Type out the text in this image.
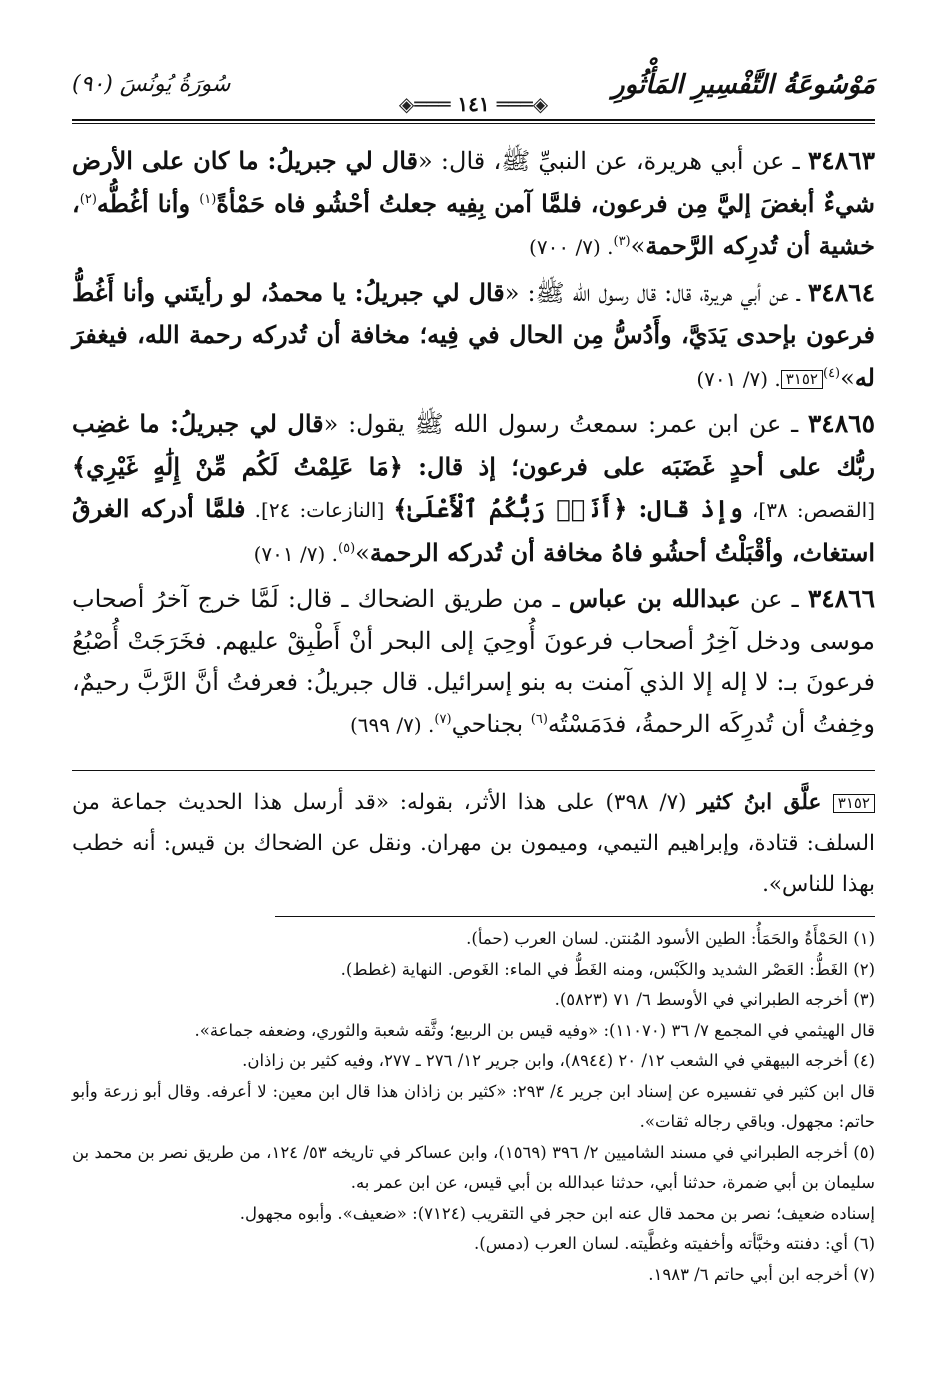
مَوْسُوعَةُ التَّفْسِيرِ المَأْثُورِ
◈═══ ١٤١ ═══◈
سُورَةُ يُونُسَ (٩٠)

٣٤٨٦٣ ـ عن أبي هريرة، عن النبيِّ ﷺ، قال: «قال لي جبريلُ: ما كان على الأرض شيءٌ أبغضَ إليَّ مِن فرعون، فلمَّا آمن بِفِيه جعلتُ أحْشُو فاه حَمْأةً$^{(١)}$ وأنا أغُطُّه$^{(٢)}$، خشية أن تُدرِكه الرَّحمة»$^{(٣)}$. (٧/ ٧٠٠)

٣٤٨٦٤ ـ عن أبي هريرة، قال: قال رسول الله ﷺ: «قال لي جبريلُ: يا محمدُ، لو رأيتَني وأنا أَغُطُّ فرعون بإحدى يَدَيَّ، وأَدُسُّ مِن الحال في فِيه؛ مخافة أن تُدركه رحمة الله، فيغفرَ له»$^{(٤)}$٣١٥٢. (٧/ ٧٠١)

٣٤٨٦٥ ـ عن ابن عمر: سمعتُ رسول الله ﷺ يقول: «قال لي جبريلُ: ما غضِب ربُّك على أحدٍ غَضَبَه على فرعون؛ إذ قال: ﴿مَا عَلِمْتُ لَكُم مِّنْ إِلَٰهٍ غَيْرِي﴾ [القصص: ٣٨]، وإذ قال: ﴿أَنَا۠ رَبُّكُمُ ٱلْأَعْلَىٰ﴾ [النازعات: ٢٤]. فلمَّا أدركه الغرقُ استغاث، وأقْبَلْتُ أحشُو فاهُ مخافة أن تُدركه الرحمة»$^{(٥)}$. (٧/ ٧٠١)

٣٤٨٦٦ ـ عن عبدالله بن عباس ـ من طريق الضحاك ـ قال: لَمَّا خرج آخرُ أصحاب موسى ودخل آخِرُ أصحاب فرعونَ أُوحِيَ إلى البحر أنْ أَطْبِقْ عليهم. فخَرَجَتْ أُصْبُعُ فرعونَ بـ: لا إله إلا الذي آمنت به بنو إسرائيل. قال جبريلُ: فعرفتُ أنَّ الرَّبَّ رحيمٌ، وخِفتُ أن تُدرِكَه الرحمةُ، فدَمَسْتُه$^{(٦)}$ بجناحي$^{(٧)}$. (٧/ ٦٩٩)

٣١٥٢ علَّق ابنُ كثير (٧/ ٣٩٨) على هذا الأثر، بقوله: «قد أرسل هذا الحديث جماعة من السلف: قتادة، وإبراهيم التيمي، وميمون بن مهران. ونقل عن الضحاك بن قيس: أنه خطب بهذا للناس».

(١) الحَمْأَةُ والحَمَأُ: الطين الأسود المُنتن. لسان العرب (حمأ).

(٢) الغَطُّ: العَصْر الشديد والكَبْس، ومنه الغَطُّ في الماء: الغَوص. النهاية (غطط).

(٣) أخرجه الطبراني في الأوسط ٦/ ٧١ (٥٨٢٣).

قال الهيثمي في المجمع ٧/ ٣٦ (١١٠٧٠): «وفيه قيس بن الربيع؛ وثَّقه شعبة والثوري، وضعفه جماعة».

(٤) أخرجه البيهقي في الشعب ١٢/ ٢٠ (٨٩٤٤)، وابن جرير ١٢/ ٢٧٦ ـ ٢٧٧، وفيه كثير بن زاذان.

قال ابن كثير في تفسيره عن إسناد ابن جرير ٤/ ٢٩٣: «كثير بن زاذان هذا قال ابن معين: لا أعرفه. وقال أبو زرعة وأبو حاتم: مجهول. وباقي رجاله ثقات».

(٥) أخرجه الطبراني في مسند الشاميين ٢/ ٣٩٦ (١٥٦٩)، وابن عساكر في تاريخه ٥٣/ ١٢٤، من طريق نصر بن محمد بن سليمان بن أبي ضمرة، حدثنا أبي، حدثنا عبدالله بن أبي قيس، عن ابن عمر به.

إسناده ضعيف؛ نصر بن محمد قال عنه ابن حجر في التقريب (٧١٢٤): «ضعيف». وأبوه مجهول.

(٦) أي: دفنته وخبَّأته وأخفيته وغطَّيته. لسان العرب (دمس).

(٧) أخرجه ابن أبي حاتم ٦/ ١٩٨٣.
